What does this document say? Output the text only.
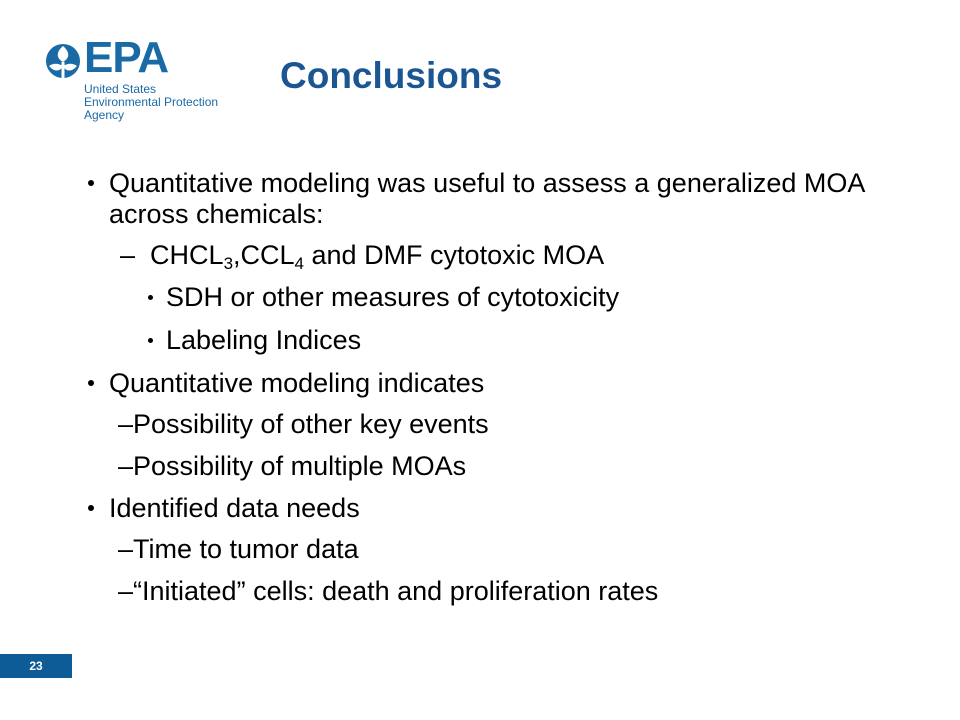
EPA
United States
Environmental Protection
Agency
Conclusions
Quantitative modeling was useful to assess a generalized MOA across chemicals:
– $CHCL_3,CCL_4$ and DMF cytotoxic MOA
SDH or other measures of cytotoxicity
Labeling Indices
Quantitative modeling indicates
–Possibility of other key events
–Possibility of multiple MOAs
Identified data needs
–Time to tumor data
–“Initiated” cells: death and proliferation rates
23
